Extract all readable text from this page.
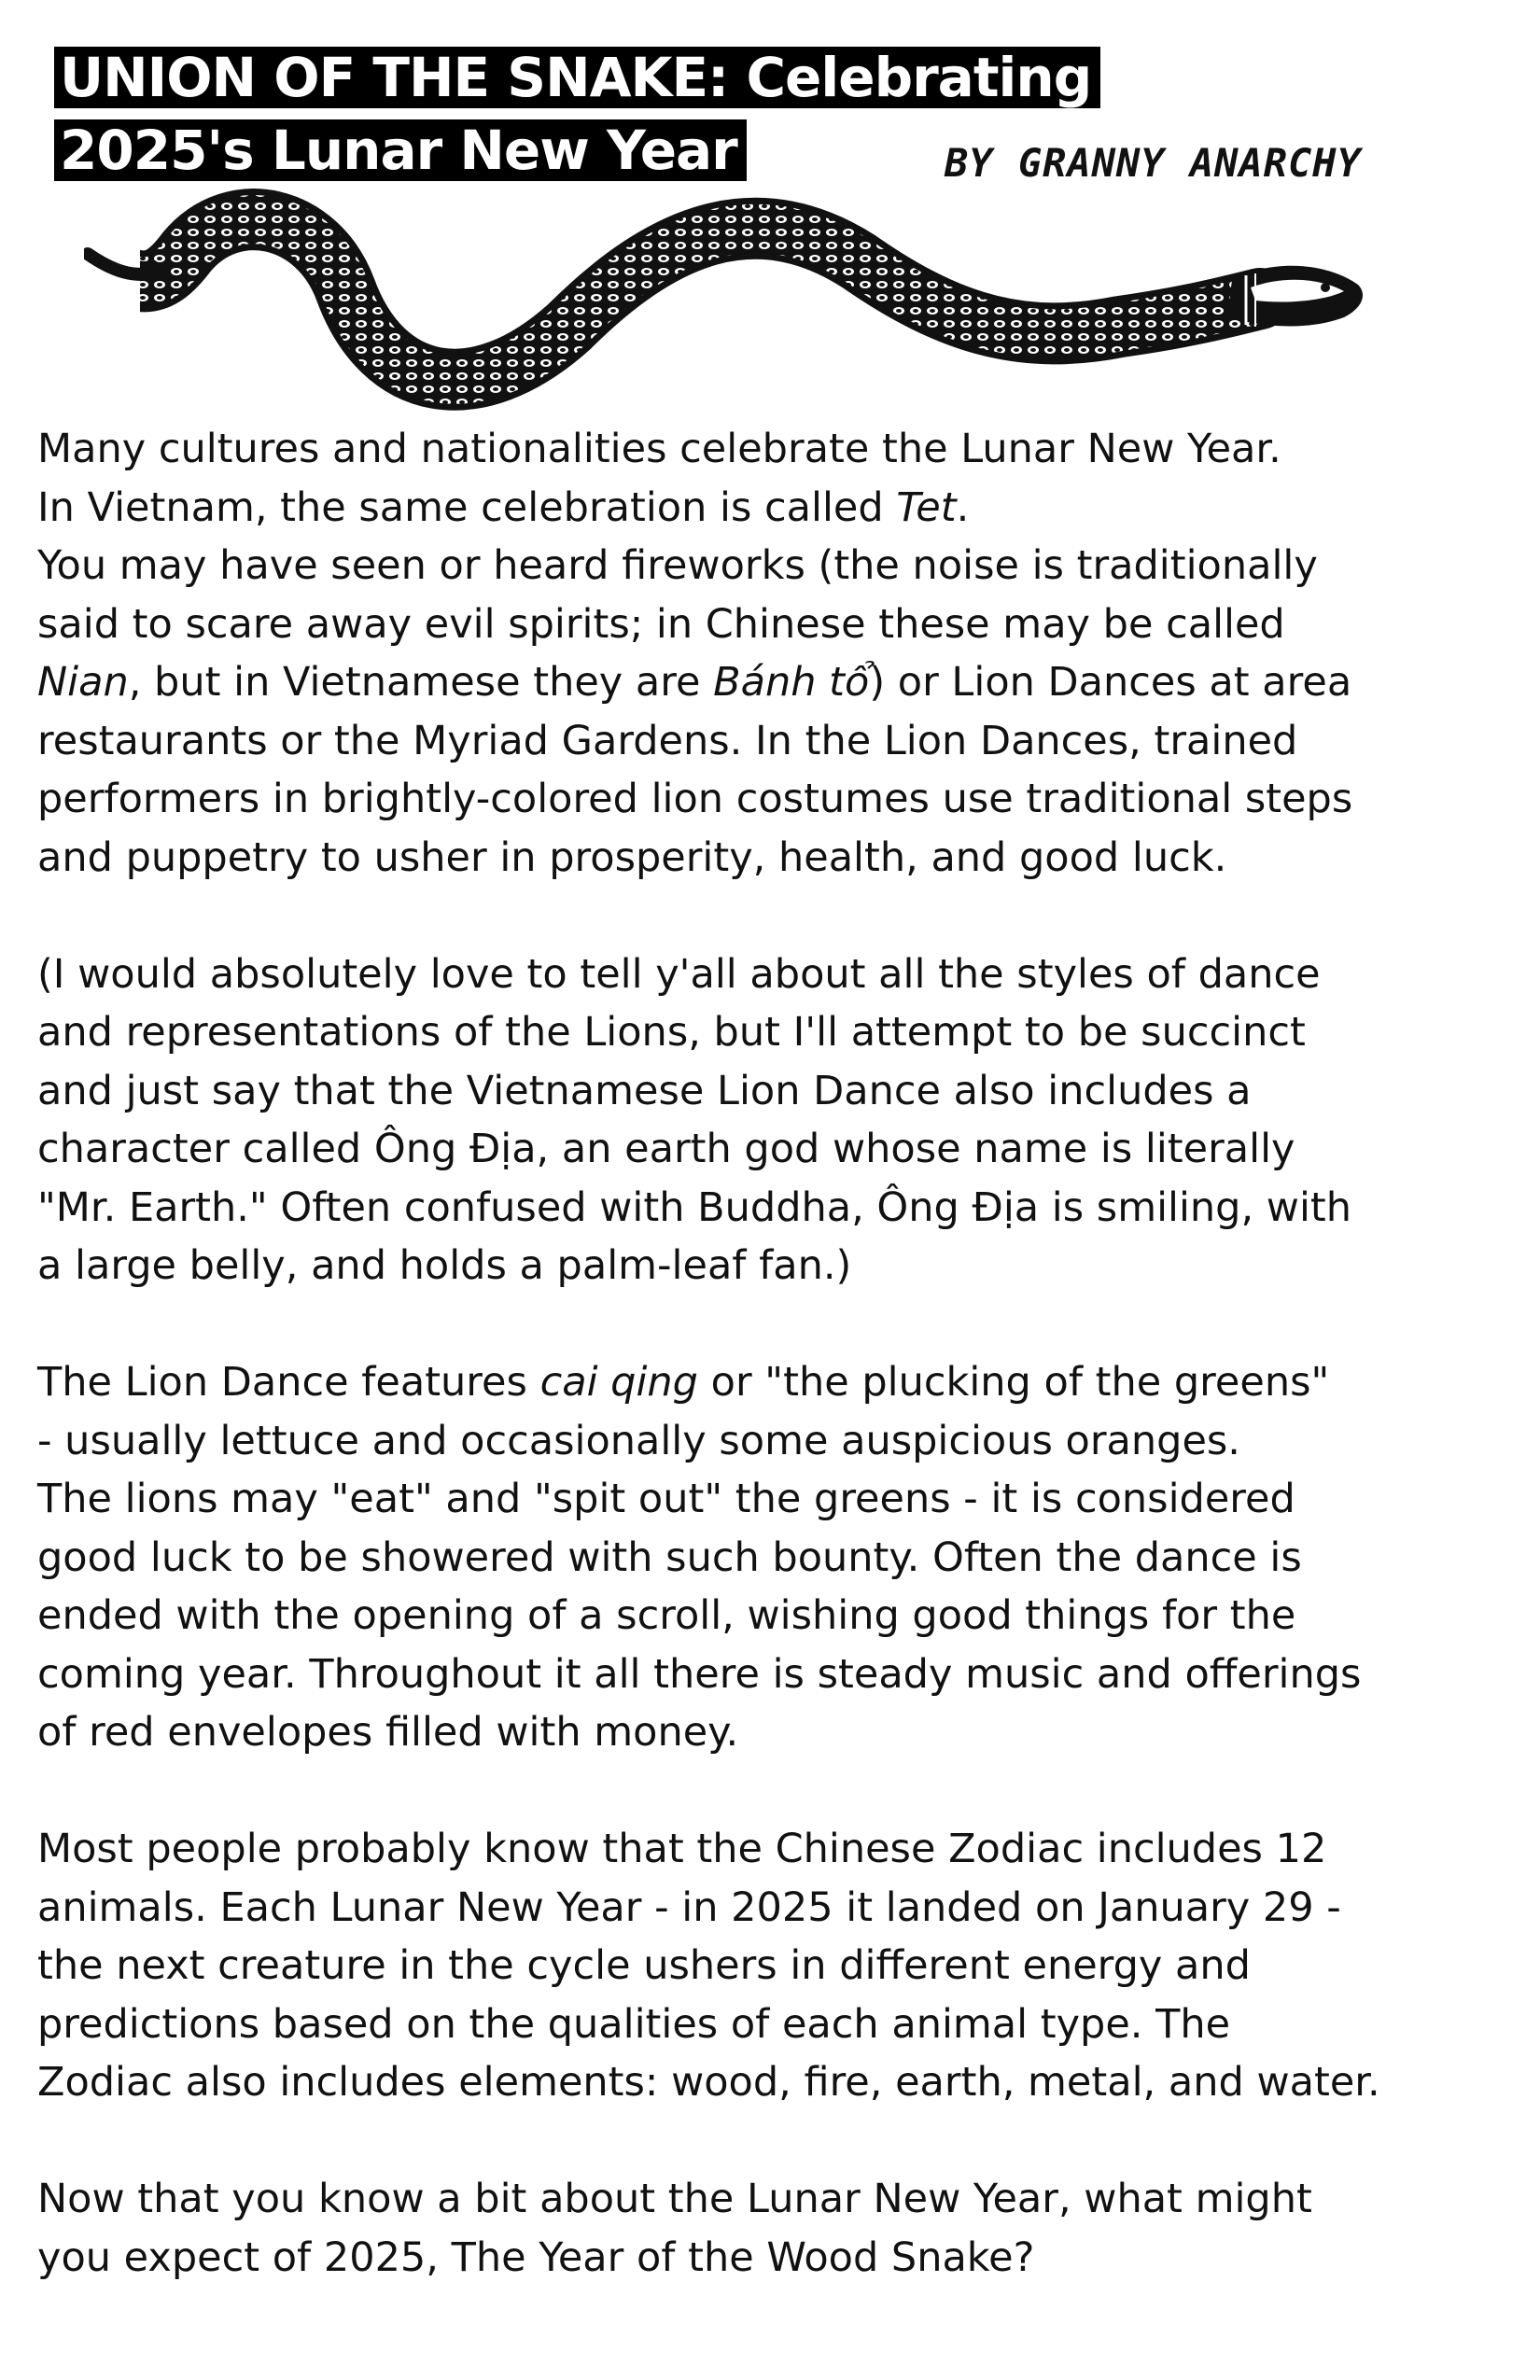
UNION OF THE SNAKE: Celebrating
2025's Lunar New Year	BY GRANNY ANARCHY
Many cultures and nationalities celebrate the Lunar New Year.
In Vietnam, the same celebration is called Tet.
You may have seen or heard fireworks (the noise is traditionally
said to scare away evil spirits; in Chinese these may be called
Nian, but in Vietnamese they are Bánh tổ) or Lion Dances at area
restaurants or the Myriad Gardens. In the Lion Dances, trained
performers in brightly-colored lion costumes use traditional steps
and puppetry to usher in prosperity, health, and good luck.
(I would absolutely love to tell y'all about all the styles of dance
and representations of the Lions, but I'll attempt to be succinct
and just say that the Vietnamese Lion Dance also includes a
character called Ông Địa, an earth god whose name is literally
"Mr. Earth." Often confused with Buddha, Ông Địa is smiling, with
a large belly, and holds a palm-leaf fan.)
The Lion Dance features cai qing or "the plucking of the greens"
- usually lettuce and occasionally some auspicious oranges.
The lions may "eat" and "spit out" the greens - it is considered
good luck to be showered with such bounty. Often the dance is
ended with the opening of a scroll, wishing good things for the
coming year. Throughout it all there is steady music and offerings
of red envelopes filled with money.
Most people probably know that the Chinese Zodiac includes 12
animals. Each Lunar New Year - in 2025 it landed on January 29 -
the next creature in the cycle ushers in different energy and
predictions based on the qualities of each animal type. The
Zodiac also includes elements: wood, fire, earth, metal, and water.
Now that you know a bit about the Lunar New Year, what might
you expect of 2025, The Year of the Wood Snake?
